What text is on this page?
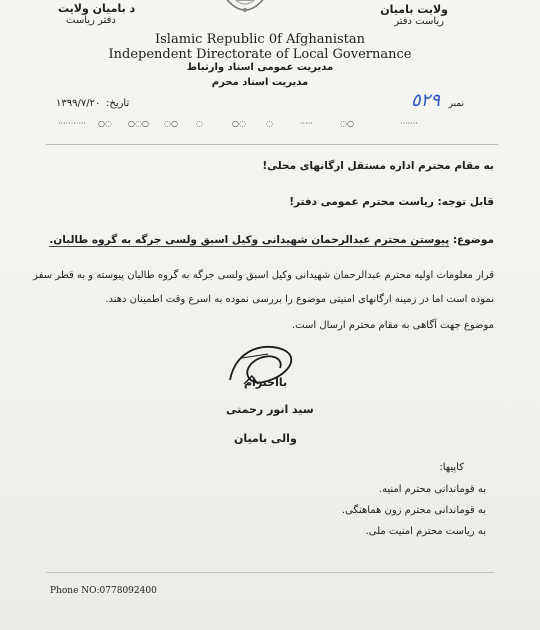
د بامیان ولایت
دفتر ریاست
ولایت بامیان
ریاست دفتر
Islamic Republic 0f Afghanistan
Independent Directorate of Local Governance
مدیریت عمومی اسناد وارتباط
مدیریت اسناد محرم
۱۳۹۹/۷/۲۰ تاریخ:	٥٢٩ نمبر
··········· ○◌ ○◌○ ◌○ ◌	○◌	◌	·····	◌○	·······
به مقام محترم اداره مستقل ارگانهای محلی!
قابل توجه: ریاست محترم عمومی دفتر!
موضوع: پیوستن محترم عبدالرحمان شهیدانی وکیل اسبق ولسی جرگه به گروه طالبان.
قرار معلومات اولیه محترم عبدالرحمان شهیدانی وکیل اسبق ولسی جرگه به گروه طالبان پیوسته و به قطر سفر
نموده است اما در زمینه ارگانهای امنیتی موضوع را بررسی نموده به اسرع وقت اطمینان دهند.
موضوع جهت آگاهی به مقام محترم ارسال است.
بااحترام
سید انور رحمتی
والی بامیان
کاپیها:
به قوماندانی محترم امنیه.
به قوماندانی محترم زون هماهنگی.
به ریاست محترم امنیت ملی.
Phone NO:0778092400
